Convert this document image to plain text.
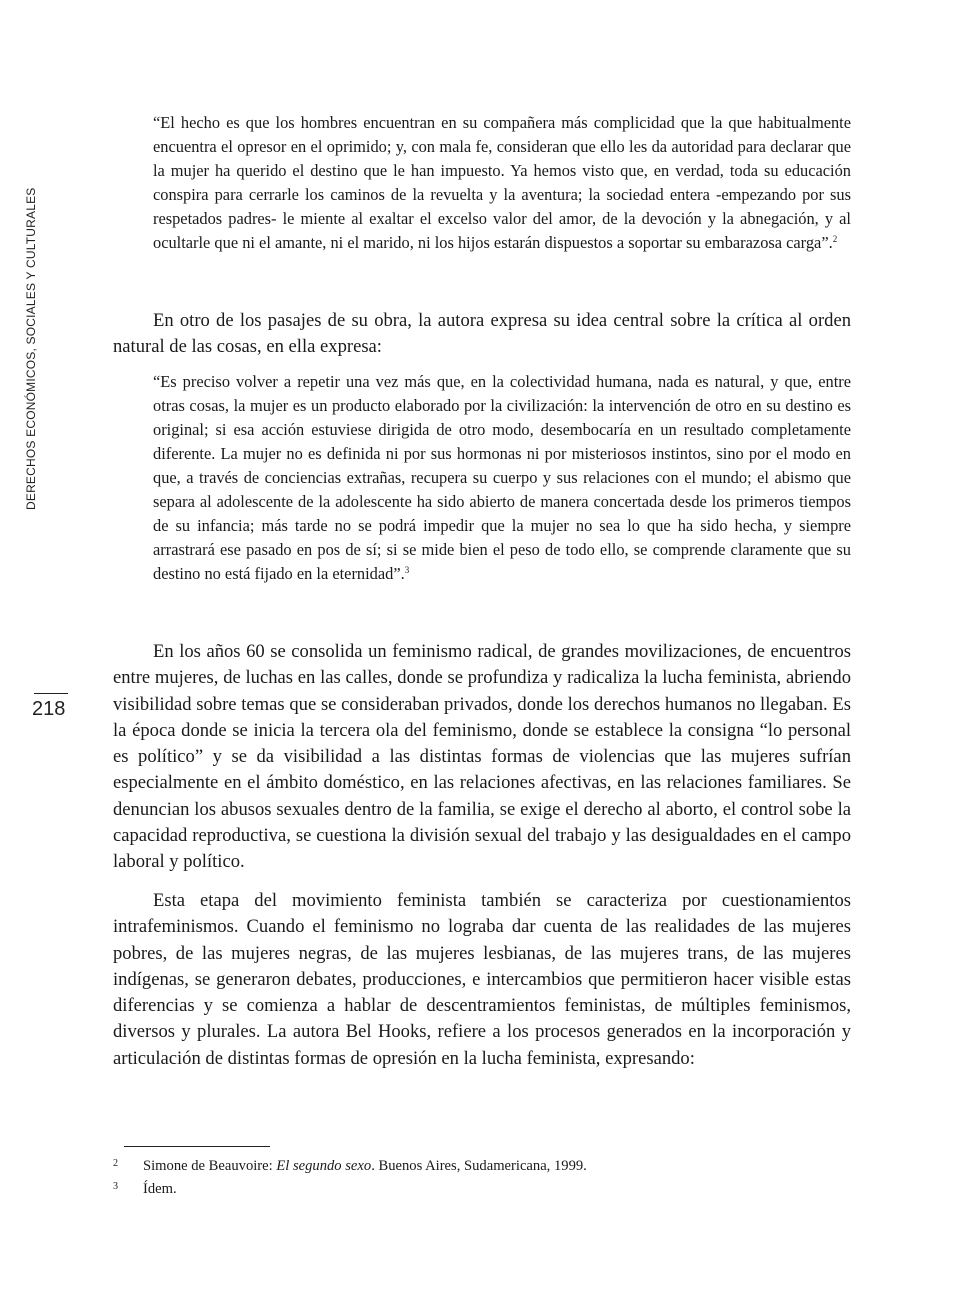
DERECHOS ECONÓMICOS, SOCIALES Y CULTURALES
218

“El hecho es que los hombres encuentran en su compañera más complicidad que la que habitualmente encuentra el opresor en el oprimido; y, con mala fe, consideran que ello les da autoridad para declarar que la mujer ha querido el destino que le han impuesto. Ya hemos visto que, en verdad, toda su educación conspira para cerrarle los caminos de la revuelta y la aventura; la sociedad entera -empezando por sus respetados padres- le miente al exaltar el excelso valor del amor, de la devoción y la abnegación, y al ocultarle que ni el amante, ni el marido, ni los hijos estarán dispuestos a soportar su embarazosa carga”.$^2$

En otro de los pasajes de su obra, la autora expresa su idea central sobre la crítica al orden natural de las cosas, en ella expresa:

“Es preciso volver a repetir una vez más que, en la colectividad humana, nada es natural, y que, entre otras cosas, la mujer es un producto elaborado por la civilización: la intervención de otro en su destino es original; si esa acción estuviese dirigida de otro modo, desembocaría en un resultado completamente diferente. La mujer no es definida ni por sus hormonas ni por misteriosos instintos, sino por el modo en que, a través de conciencias extrañas, recupera su cuerpo y sus relaciones con el mundo; el abismo que separa al adolescente de la adolescente ha sido abierto de manera concertada desde los primeros tiempos de su infancia; más tarde no se podrá impedir que la mujer no sea lo que ha sido hecha, y siempre arrastrará ese pasado en pos de sí; si se mide bien el peso de todo ello, se comprende claramente que su destino no está fijado en la eternidad”.$^3$

En los años 60 se consolida un feminismo radical, de grandes movilizaciones, de encuentros entre mujeres, de luchas en las calles, donde se profundiza y radicaliza la lucha feminista, abriendo visibilidad sobre temas que se consideraban privados, donde los derechos humanos no llegaban. Es la época donde se inicia la tercera ola del feminismo, donde se establece la consigna “lo personal es político” y se da visibilidad a las distintas formas de violencias que las mujeres sufrían especialmente en el ámbito doméstico, en las relaciones afectivas, en las relaciones familiares. Se denuncian los abusos sexuales dentro de la familia, se exige el derecho al aborto, el control sobe la capacidad reproductiva, se cuestiona la división sexual del trabajo y las desigualdades en el campo laboral y político.

Esta etapa del movimiento feminista también se caracteriza por cuestionamientos intrafeminismos. Cuando el feminismo no lograba dar cuenta de las realidades de las mujeres pobres, de las mujeres negras, de las mujeres lesbianas, de las mujeres trans, de las mujeres indígenas, se generaron debates, producciones, e intercambios que permitieron hacer visible estas diferencias y se comienza a hablar de descentramientos feministas, de múltiples feminismos, diversos y plurales. La autora Bel Hooks, refiere a los procesos generados en la incorporación y articulación de distintas formas de opresión en la lucha feminista, expresando:

2 Simone de Beauvoire: El segundo sexo. Buenos Aires, Sudamericana, 1999.
3 Ídem.
